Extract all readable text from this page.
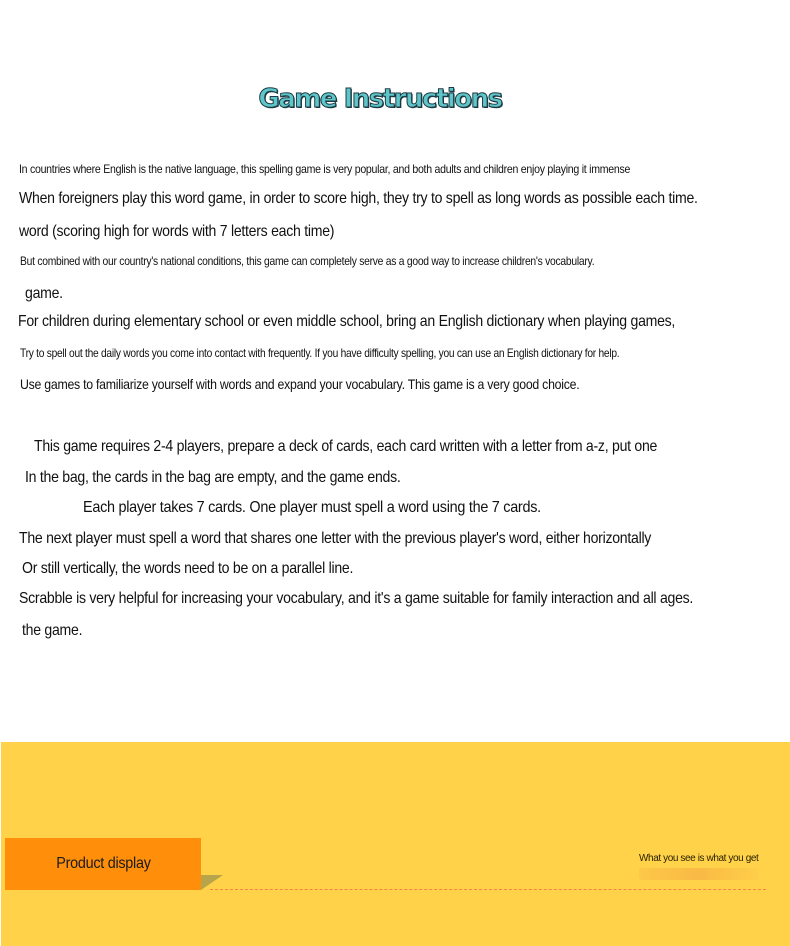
Game Instructions
In countries where English is the native language, this spelling game is very popular, and both adults and children enjoy playing it immense
When foreigners play this word game, in order to score high, they try to spell as long words as possible each time.
word (scoring high for words with 7 letters each time)
But combined with our country's national conditions, this game can completely serve as a good way to increase children's vocabulary.
game.
For children during elementary school or even middle school, bring an English dictionary when playing games,
Try to spell out the daily words you come into contact with frequently. If you have difficulty spelling, you can use an English dictionary for help.
Use games to familiarize yourself with words and expand your vocabulary. This game is a very good choice.
This game requires 2-4 players, prepare a deck of cards, each card written with a letter from a-z, put one
In the bag, the cards in the bag are empty, and the game ends.
Each player takes 7 cards. One player must spell a word using the 7 cards.
The next player must spell a word that shares one letter with the previous player's word, either horizontally
Or still vertically, the words need to be on a parallel line.
Scrabble is very helpful for increasing your vocabulary, and it's a game suitable for family interaction and all ages.
the game.
Product display	What you see is what you get
